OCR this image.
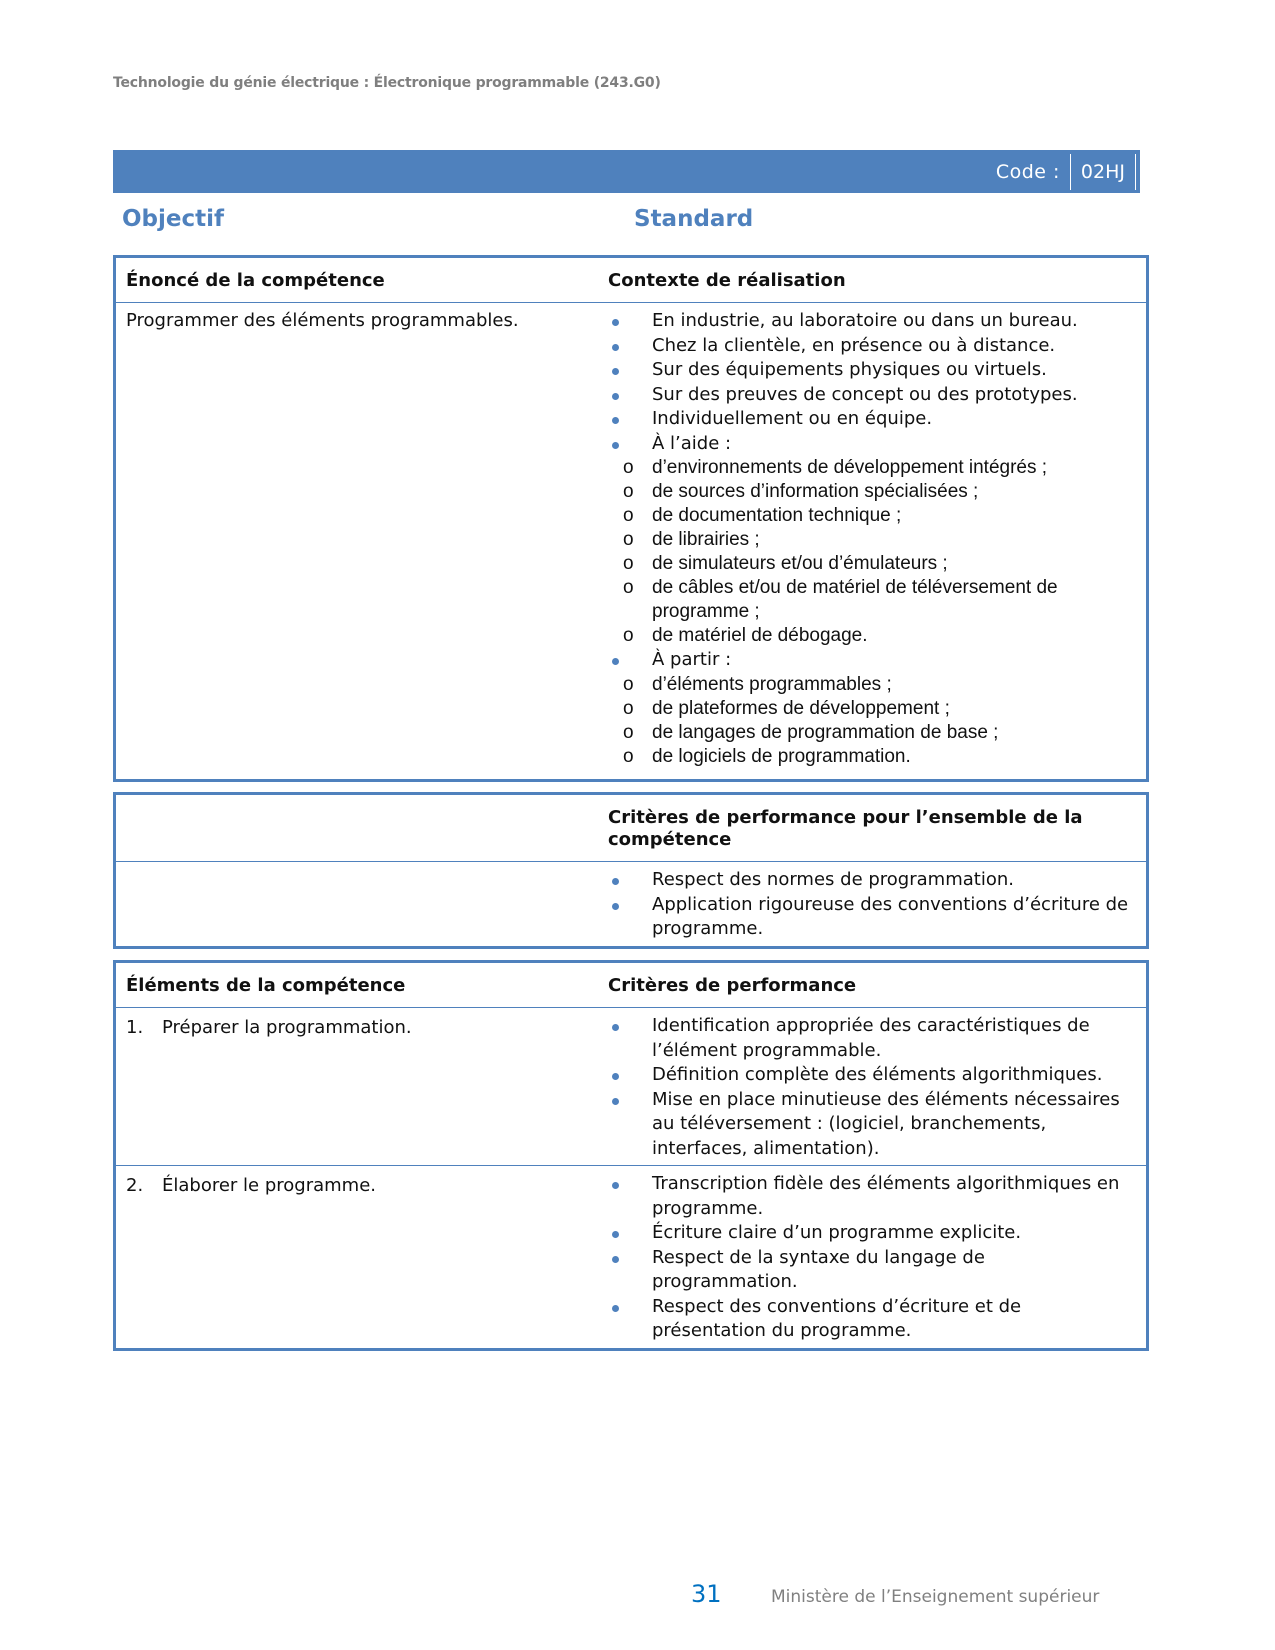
Technologie du génie électrique : Électronique programmable (243.G0)
Code :	02HJ
Objectif	Standard
Énoncé de la compétence	Contexte de réalisation

Programmer des éléments programmables.	En industrie, au laboratoire ou dans un bureau.
Chez la clientèle, en présence ou à distance.
Sur des équipements physiques ou virtuels.
Sur des preuves de concept ou des prototypes.
Individuellement ou en équipe.
À l’aide :
o d’environnements de développement intégrés ;
o de sources d’information spécialisées ;
o de documentation technique ;
o de librairies ;
o de simulateurs et/ou d’émulateurs ;
o de câbles et/ou de matériel de téléversement de programme ;
o de matériel de débogage.
À partir :
o d’éléments programmables ;
o de plateformes de développement ;
o de langages de programmation de base ;
o de logiciels de programmation.

	Critères de performance pour l’ensemble de la compétence

Respect des normes de programmation.
Application rigoureuse des conventions d’écriture de programme.
Éléments de la compétence	Critères de performance

1.	Préparer la programmation.	Identification appropriée des caractéristiques de l’élément programmable.
Définition complète des éléments algorithmiques.
Mise en place minutieuse des éléments nécessaires au téléversement : (logiciel, branchements, interfaces, alimentation).

2.	Élaborer le programme.	Transcription fidèle des éléments algorithmiques en programme.
Écriture claire d’un programme explicite.
Respect de la syntaxe du langage de programmation.
Respect des conventions d’écriture et de présentation du programme.
31	Ministère de l’Enseignement supérieur
